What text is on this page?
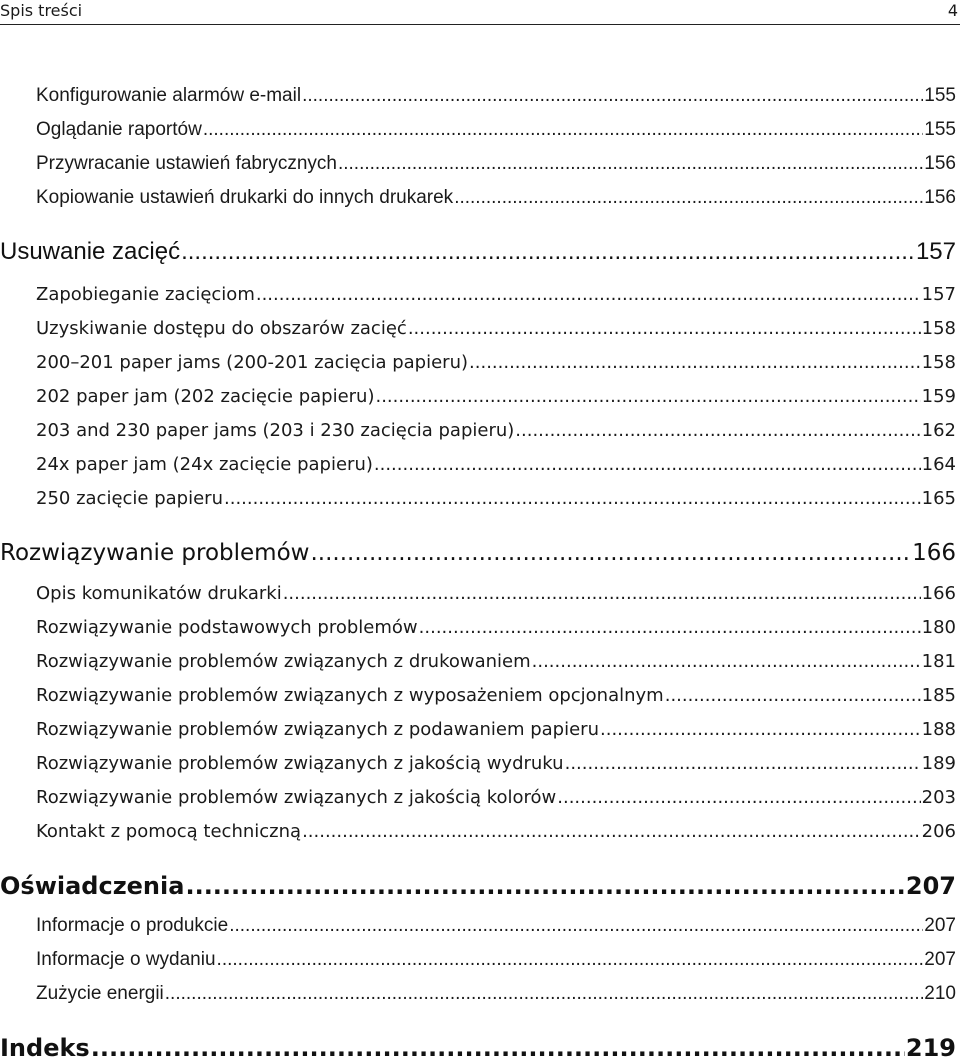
Spis treści	4
Konfigurowanie alarmów e-mail .....	155
Oglądanie raportów .....	155
Przywracanie ustawień fabrycznych .....	156
Kopiowanie ustawień drukarki do innych drukarek .....	156
Usuwanie zacięć .....	157
Zapobieganie zacięciom .....	157
Uzyskiwanie dostępu do obszarów zacięć .....	158
200–201 paper jams (200-201 zacięcia papieru) .....	158
202 paper jam (202 zacięcie papieru) .....	159
203 and 230 paper jams (203 i 230 zacięcia papieru) .....	162
24x paper jam (24x zacięcie papieru) .....	164
250 zacięcie papieru .....	165
Rozwiązywanie problemów .....	166
Opis komunikatów drukarki .....	166
Rozwiązywanie podstawowych problemów .....	180
Rozwiązywanie problemów związanych z drukowaniem .....	181
Rozwiązywanie problemów związanych z wyposażeniem opcjonalnym .....	185
Rozwiązywanie problemów związanych z podawaniem papieru .....	188
Rozwiązywanie problemów związanych z jakością wydruku .....	189
Rozwiązywanie problemów związanych z jakością kolorów .....	203
Kontakt z pomocą techniczną .....	206
Oświadczenia .....	207
Informacje o produkcie .....	207
Informacje o wydaniu .....	207
Zużycie energii .....	210
Indeks .....	219
